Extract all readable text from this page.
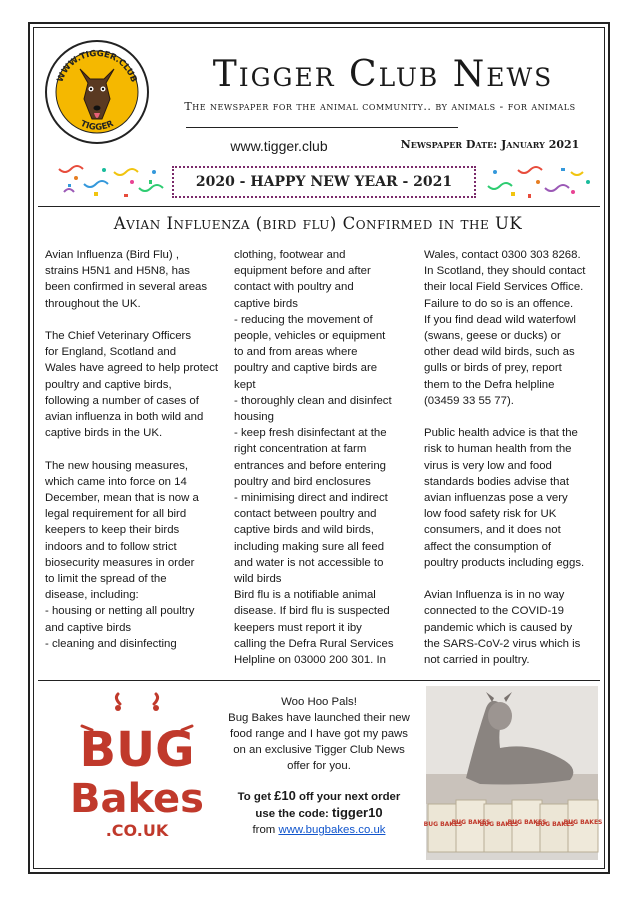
WWW.TIGGER.CLUB
TIGGER
Tigger Club News
The newspaper for the animal community.. by animals - for animals
www.tigger.club	Newspaper Date: January 2021
2020 - HAPPY NEW YEAR - 2021
Avian Influenza (bird flu) Confirmed in the UK
Avian Influenza (Bird Flu) ,
strains H5N1 and H5N8, has
been confirmed in several areas
throughout the UK.

The Chief Veterinary Officers
for England, Scotland and
Wales have agreed to help protect
poultry and captive birds,
following a number of cases of
avian influenza in both wild and
captive birds in the UK.

The new housing measures,
which came into force on 14
December, mean that is now a
legal requirement for all bird
keepers to keep their birds
indoors and to follow strict
biosecurity measures in order
to limit the spread of the
disease, including:
- housing or netting all poultry
and captive birds
- cleaning and disinfecting
clothing, footwear and
equipment before and after
contact with poultry and
captive birds
- reducing the movement of
people, vehicles or equipment
to and from areas where
poultry and captive birds are
kept
- thoroughly clean and disinfect
housing
- keep fresh disinfectant at the
right concentration at farm
entrances and before entering
poultry and bird enclosures
- minimising direct and indirect
contact between poultry and
captive birds and wild birds,
including making sure all feed
and water is not accessible to
wild birds
Bird flu is a notifiable animal
disease. If bird flu is suspected
keepers must report it iby
calling the Defra Rural Services
Helpline on 03000 200 301. In
Wales, contact 0300 303 8268.
In Scotland, they should contact
their local Field Services Office.
Failure to do so is an offence.
If you find dead wild waterfowl
(swans, geese or ducks) or
other dead wild birds, such as
gulls or birds of prey, report
them to the Defra helpline
(03459 33 55 77).

Public health advice is that the
risk to human health from the
virus is very low and food
standards bodies advise that
avian influenzas pose a very
low food safety risk for UK
consumers, and it does not
affect the consumption of
poultry products including eggs.

Avian Influenza is in no way
connected to the COVID-19
pandemic which is caused by
the SARS-CoV-2 virus which is
not carried in poultry.
BUG
Bakes
.CO.UK
Woo Hoo Pals!
Bug Bakes have launched their new
food range and I have got my paws
on an exclusive Tigger Club News
offer for you.
To get £10 off your next order
use the code: tigger10
from www.bugbakes.co.uk	BUG BAKES
BUG BAKES
BUG BAKES
BUG BAKES
BUG BAKES
BUG BAKES
